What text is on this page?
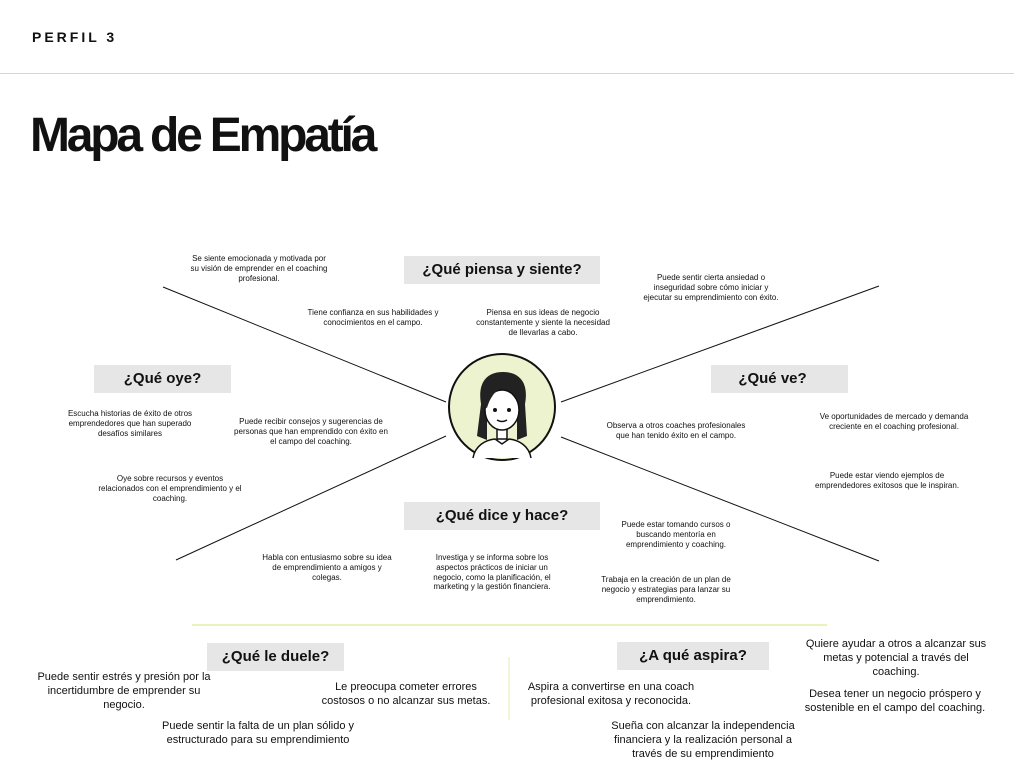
PERFIL 3
Mapa de Empatía
¿Qué piensa y siente?
Se siente emocionada y motivada por su visión de emprender en el coaching profesional.
Tiene confianza en sus habilidades y conocimientos en el campo.
Piensa en sus ideas de negocio constantemente y siente la necesidad de llevarlas a cabo.
Puede sentir cierta ansiedad o inseguridad sobre cómo iniciar y ejecutar su emprendimiento con éxito.
¿Qué oye?
Escucha historias de éxito de otros emprendedores que han superado desafíos similares
Puede recibir consejos y sugerencias de personas que han emprendido con éxito en el campo del coaching.
Oye sobre recursos y eventos relacionados con el emprendimiento y el coaching.
¿Qué ve?
Observa a otros coaches profesionales que han tenido éxito en el campo.
Ve oportunidades de mercado y demanda creciente en el coaching profesional.
Puede estar viendo ejemplos de emprendedores exitosos que le inspiran.
¿Qué dice y hace?
Habla con entusiasmo sobre su idea de emprendimiento a amigos y colegas.
Investiga y se informa sobre los aspectos prácticos de iniciar un negocio, como la planificación, el marketing y la gestión financiera.
Puede estar tomando cursos o buscando mentoría en emprendimiento y coaching.
Trabaja en la creación de un plan de negocio y estrategias para lanzar su emprendimiento.
¿Qué le duele?
Puede sentir estrés y presión por la incertidumbre de emprender su negocio.
Le preocupa cometer errores costosos o no alcanzar sus metas.
Puede sentir la falta de un plan sólido y estructurado para su emprendimiento
¿A qué aspira?
Aspira a convertirse en una coach profesional exitosa y reconocida.
Sueña con alcanzar la independencia financiera y la realización personal a través de su emprendimiento
Quiere ayudar a otros a alcanzar sus metas y potencial a través del coaching.
Desea tener un negocio próspero y sostenible en el campo del coaching.
